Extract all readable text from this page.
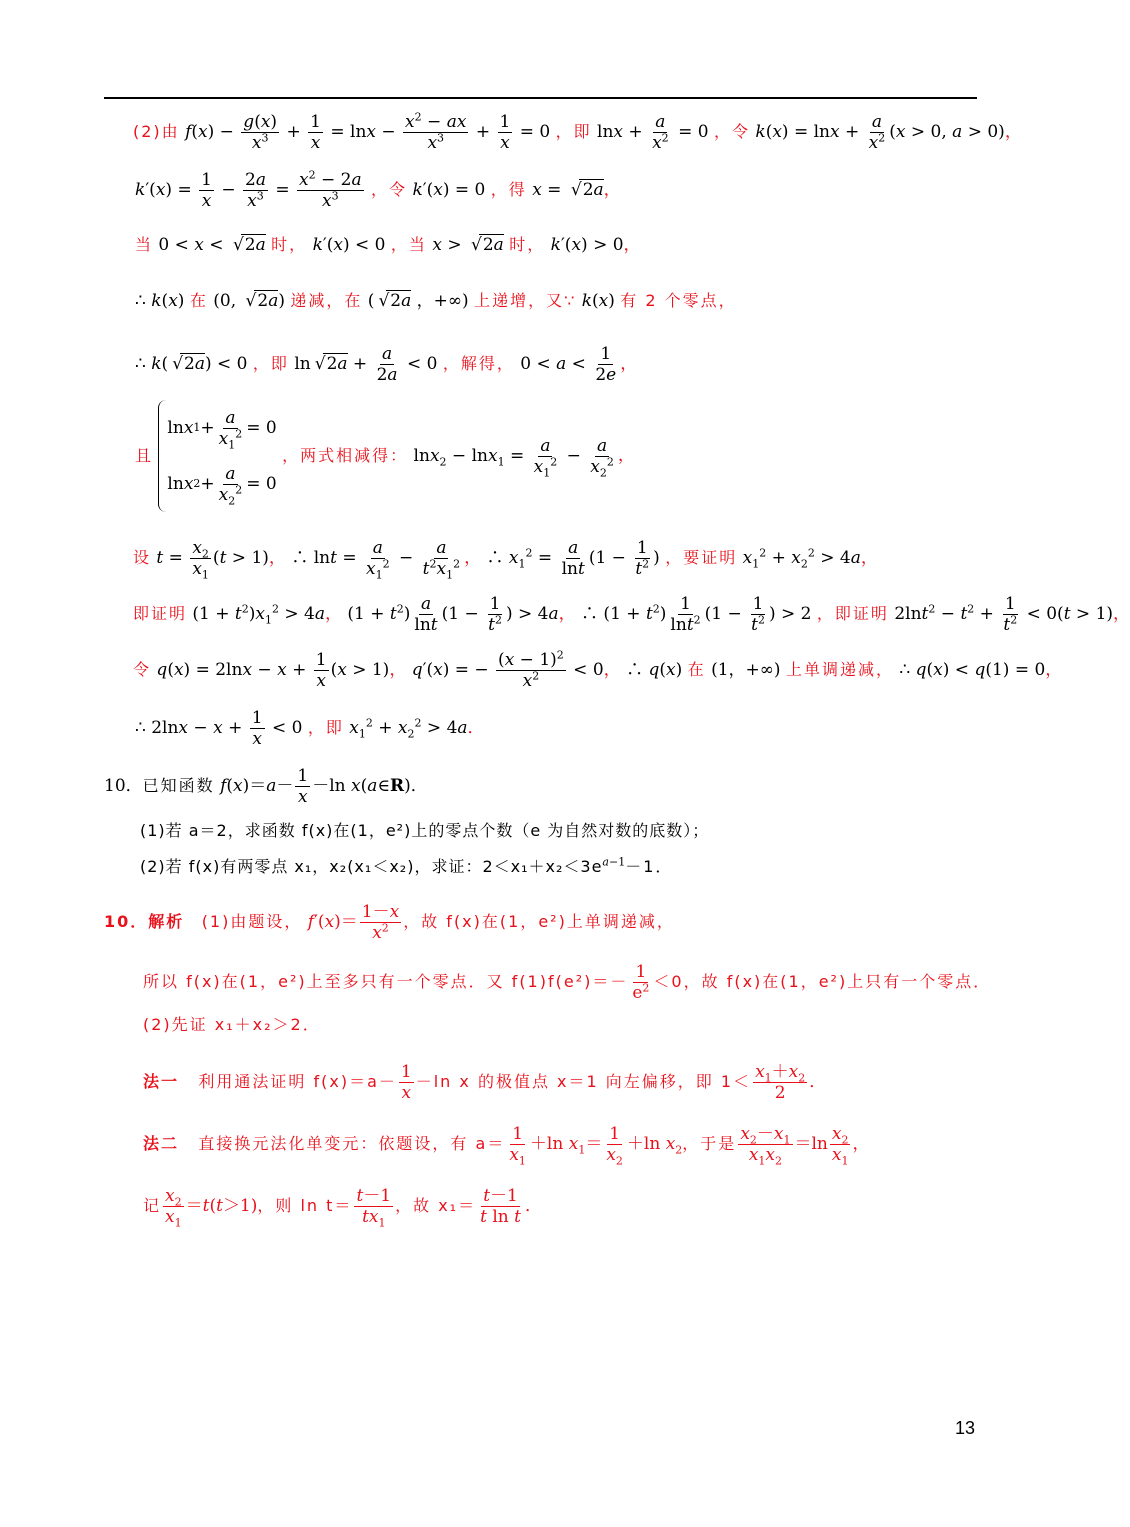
(2)由 $f(x) - \frac{g(x)}{x^3} + \frac{1}{x} = \ln x - \frac{x^2 - ax}{x^3} + \frac{1}{x} = 0$ ，即 $\ln x + \frac{a}{x^2} = 0$ ，令 $k(x) = \ln x + \frac{a}{x^2} (x > 0$, a > 0)，
$k'(x) = \frac{1}{x} - \frac{2a}{x^3} = \frac{x^2 - 2a}{x^3}$ ，令 k′(x) = 0 ，得 x = √ 2a，
当 0 < x < √ 2a 时， k′(x) < 0 ，当 x > √ 2a 时， k′(x) > 0，
∴ k(x) 在 (0, √ 2a) 递减，在 ( √ 2a ，+∞) 上递增，又∵ k(x) 有 2 个零点，
∴ k( √ 2a) < 0 ，即 ln √ $2a + \frac{a}{2a} < 0$ ，解得， $0 < a < \frac{1}{2e}$ ，
且
ln x $1 + \frac{a}{x_1^2} = 0$
ln x $2 + \frac{a}{x_2^2} = 0$
，两式相减得： $\ln x_2 - \ln x_1 = \frac{a}{x_1^2} - \frac{a}{x_2^2}$ ，
设 $t = \frac{x_2}{x_1} (t > 1)$， ∴ $\ln t = \frac{a}{x_1^2} - \frac{a}{t^2x_1^2}$ ， ∴ $x_1^2 = \frac{a}{\ln t} (1 - \frac{1}{t^2}$ ) ，要证明 $x_1^2 + x_2^2 > 4a$，
即证明 $(1 + t^2)x_1^2 > 4a$， $(1 + t^2) \frac{a}{\ln t} (1 - \frac{1}{t^2}$ ) > 4a， ∴ $(1 + t^2) \frac{1}{\ln t^2} (1 - \frac{1}{t^2}$ ) > 2 ，即证明 $2\ln t^2 - t^2 + \frac{1}{t^2} < 0(t > 1)$，
令 $q(x) = 2\ln x - x + \frac{1}{x} (x > 1)$， q′(x) = − $\frac{(x - 1)^2}{x^2} < 0$， ∴ q(x) 在 (1，+∞) 上单调递减， ∴ q(x) < q(1) = 0，
∴ $2\ln x - x + \frac{1}{x} < 0$ ，即 $x_1^2 + x_2^2 > 4a$．
10．已知函数 $f(x)=a- \frac{1}{x} -\ln$ x(a∈R)．
(1)若 a＝2，求函数 f(x)在(1，e²)上的零点个数（e 为自然对数的底数）；
(2)若 f(x)有两零点 x₁，x₂(x₁＜x₂)，求证：$2<x_1+x_2<3e^{a-1}-1$．
10．解析 (1)由题设， $f'(x)= \frac{1-x}{x^2}$ ，故 f(x)在(1，e²)上单调递减，
所以 f(x)在(1，e²)上至多只有一个零点．又 $f(1)f(e^2)=- \frac{1}{e^2} <0$，故 f(x)在(1，e²)上只有一个零点．
(2)先证 x₁＋x₂＞2．
法一 利用通法证明 $f(x)=a- \frac{1}{x} -\ln$ x 的极值点 x＝1 向左偏移，即 $1< \frac{x_1+x_2}{2}$ ．
法二 直接换元法化单变元：依题设，有 $a= \frac{1}{x_1} +\ln$ $x_1= \frac{1}{x_2} +\ln$ $x_2$，于是 $\frac{x_2-x_1}{x_1x_2} =\ln \frac{x_2}{x_1}$ ，
记 $\frac{x_2}{x_1} =t(t>1)$，则 $\ln t= \frac{t-1}{tx_1}$ ，故 $x_1= \frac{t-1}{\text{t ln t}}$ ．
13
